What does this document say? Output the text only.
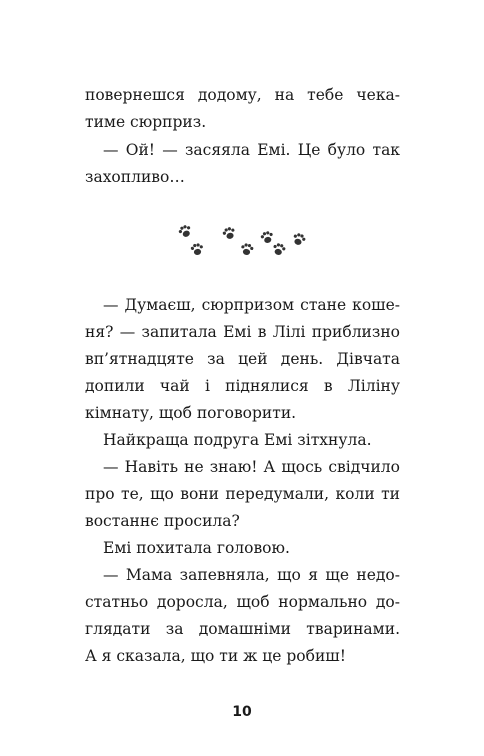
повернешся додому, на тебе чека-
тиме сюрприз.
— Ой! — засяяла Емі. Це було так
захопливо…
— Думаєш, сюрпризом стане коше-
ня? — запитала Емі в Лілі приблизно
вп’ятнадцяте за цей день. Дівчата
допили чай і піднялися в Ліліну
кімнату, щоб поговорити.
Найкраща подруга Емі зітхнула.
— Навіть не знаю! А щось свідчило
про те, що вони передумали, коли ти
востаннє просила?
Емі похитала головою.
— Мама запевняла, що я ще недо-
статньо доросла, щоб нормально до-
глядати за домашніми тваринами.
А я сказала, що ти ж це робиш!
10
